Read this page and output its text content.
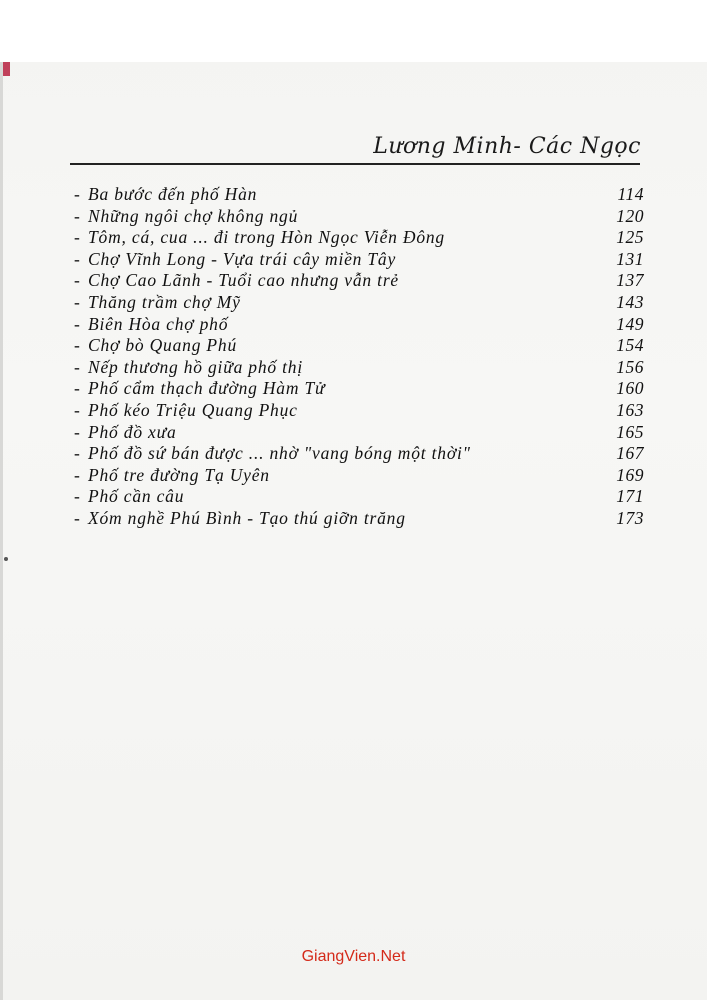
Lương Minh- Các Ngọc
- Ba bước đến phố Hàn	114
- Những ngôi chợ không ngủ	120
- Tôm, cá, cua ... đi trong Hòn Ngọc Viễn Đông	125
- Chợ Vĩnh Long - Vựa trái cây miền Tây	131
- Chợ Cao Lãnh - Tuổi cao nhưng vẫn trẻ	137
- Thăng trầm chợ Mỹ	143
- Biên Hòa chợ phố	149
- Chợ bò Quang Phú	154
- Nếp thương hồ giữa phố thị	156
- Phố cẩm thạch đường Hàm Tử	160
- Phố kéo Triệu Quang Phục	163
- Phố đồ xưa	165
- Phố đồ sứ bán được ... nhờ "vang bóng một thời"	167
- Phố tre đường Tạ Uyên	169
- Phố cần câu	171
- Xóm nghề Phú Bình - Tạo thú giỡn trăng	173
GiangVien.Net
